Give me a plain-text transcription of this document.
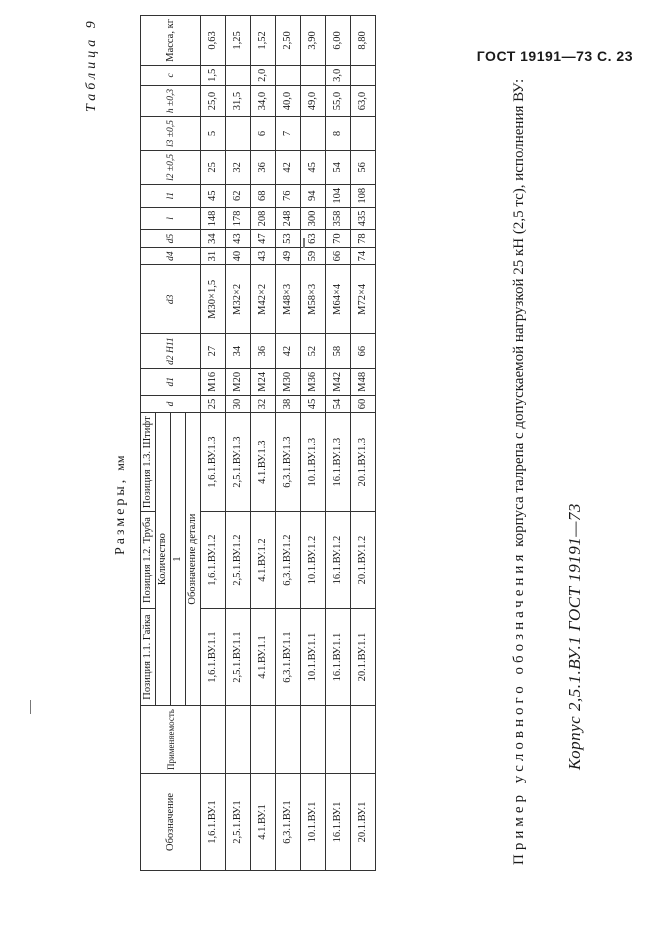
ГОСТ 19191—73 С. 23
Таблица 9
Размеры,мм
Обозначение	Применяемость	Позиция 1.1. Гайка	Позиция 1.2. Труба	Позиция 1.3. Штифт	d	d1	d2 H11	d3	d4	d5	l	l1	l2 ±0,5	l3 ±0,5	h ±0,3	c	Масса, кг
		Количество															
		1															
		Обозначение детали															
1,6.1.ВУ.1		1,6.1.ВУ.1.1	1,6.1.ВУ.1.2	1,6.1.ВУ.1.3	25	М16	27	М30×1,5	31	34	148	45	25	5	25,0	1,5	0,63
2,5.1.ВУ.1		2,5.1.ВУ.1.1	2,5.1.ВУ.1.2	2,5.1.ВУ.1.3	30	М20	34	М32×2	40	43	178	62	32		31,5		1,25
4.1.ВУ.1		4.1.ВУ.1.1	4.1.ВУ.1.2	4.1.ВУ.1.3	32	М24	36	М42×2	43	47	208	68	36	6	34,0	2,0	1,52
6,3.1.ВУ.1		6,3.1.ВУ.1.1	6,3.1.ВУ.1.2	6,3.1.ВУ.1.3	38	М30	42	М48×3	49	53	248	76	42	7	40,0		2,50
10.1.ВУ.1		10.1.ВУ.1.1	10.1.ВУ.1.2	10.1.ВУ.1.3	45	М36	52	М58×3	59	63	300	94	45		49,0		3,90
16.1.ВУ.1		16.1.ВУ.1.1	16.1.ВУ.1.2	16.1.ВУ.1.3	54	М42	58	М64×4	66	70	358	104	54	8	55,0	3,0	6,00
20.1.ВУ.1		20.1.ВУ.1.1	20.1.ВУ.1.2	20.1.ВУ.1.3	60	М48	66	М72×4	74	78	435	108	56		63,0		8,80
Пример условного обозначения корпуса талрепа с допускаемой нагрузкой 25 кН (2,5 тс), исполнения ВУ:
Корпус 2,5.1.ВУ.1 ГОСТ 19191—73
